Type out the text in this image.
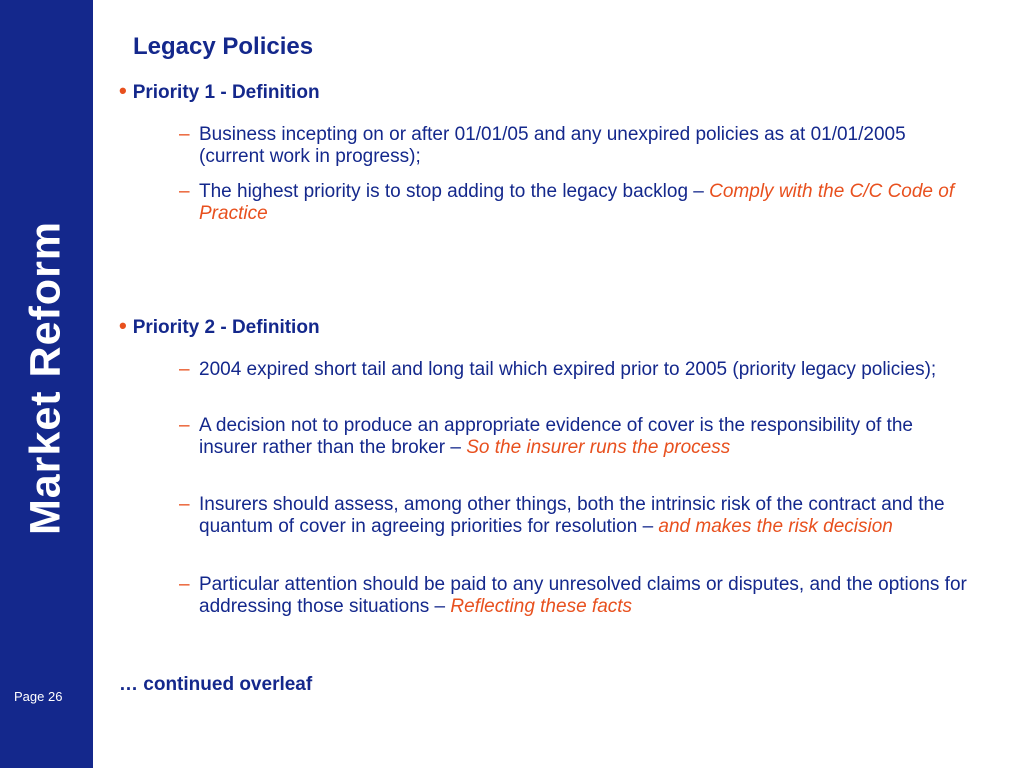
Market Reform
Page 26
Legacy Policies
• Priority 1 - Definition
– Business incepting on or after 01/01/05 and any unexpired policies as at 01/01/2005 (current work in progress);
– The highest priority is to stop adding to the legacy backlog – Comply with the C/C Code of Practice
• Priority 2 - Definition
– 2004 expired short tail and long tail which expired prior to 2005 (priority legacy policies);
– A decision not to produce an appropriate evidence of cover is the responsibility of the insurer rather than the broker – So the insurer runs the process
– Insurers should assess, among other things, both the intrinsic risk of the contract and the quantum of cover in agreeing priorities for resolution – and makes the risk decision
– Particular attention should be paid to any unresolved claims or disputes, and the options for addressing those situations – Reflecting these facts
… continued overleaf
